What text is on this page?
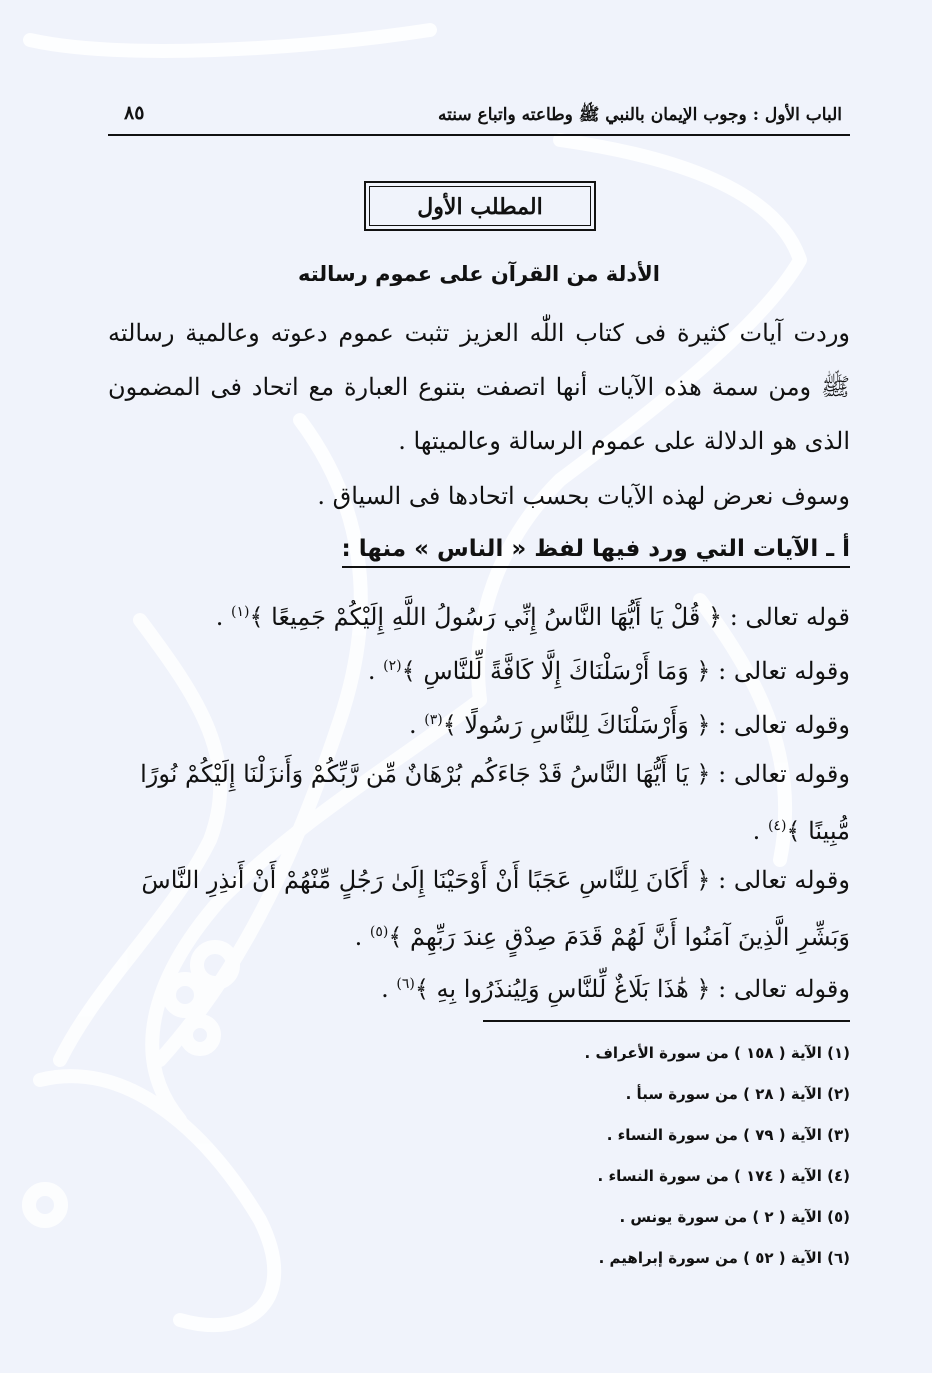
الباب الأول : وجوب الإيمان بالنبي ﷺ وطاعته واتباع سنته
٨٥
المطلب الأول
الأدلة من القرآن على عموم رسالته
وردت آيات كثيرة فى كتاب اللّٰه العزيز تثبت عموم دعوته وعالمية رسالته ﷺ ومن سمة هذه الآيات أنها اتصفت بتنوع العبارة مع اتحاد فى المضمون الذى هو الدلالة على عموم الرسالة وعالميتها .
وسوف نعرض لهذه الآيات بحسب اتحادها فى السياق .
أ ـ الآيات التي ورد فيها لفظ « الناس » منها :
قوله تعالى : ﴿ قُلْ يَا أَيُّهَا النَّاسُ إِنِّي رَسُولُ اللَّهِ إِلَيْكُمْ جَمِيعًا ﴾$^{(١)}$ .
وقوله تعالى : ﴿ وَمَا أَرْسَلْنَاكَ إِلَّا كَافَّةً لِّلنَّاسِ ﴾$^{(٢)}$ .
وقوله تعالى : ﴿ وَأَرْسَلْنَاكَ لِلنَّاسِ رَسُولًا ﴾$^{(٣)}$ .
وقوله تعالى : ﴿ يَا أَيُّهَا النَّاسُ قَدْ جَاءَكُم بُرْهَانٌ مِّن رَّبِّكُمْ وَأَنزَلْنَا إِلَيْكُمْ نُورًا
مُّبِينًا ﴾$^{(٤)}$ .
وقوله تعالى : ﴿ أَكَانَ لِلنَّاسِ عَجَبًا أَنْ أَوْحَيْنَا إِلَىٰ رَجُلٍ مِّنْهُمْ أَنْ أَنذِرِ النَّاسَ
وَبَشِّرِ الَّذِينَ آمَنُوا أَنَّ لَهُمْ قَدَمَ صِدْقٍ عِندَ رَبِّهِمْ ﴾$^{(٥)}$ .
وقوله تعالى : ﴿ هَٰذَا بَلَاغٌ لِّلنَّاسِ وَلِيُنذَرُوا بِهِ ﴾$^{(٦)}$ .
(١) الآية ( ١٥٨ ) من سورة الأعراف .
(٢) الآية ( ٢٨ ) من سورة سبأ .
(٣) الآية ( ٧٩ ) من سورة النساء .
(٤) الآية ( ١٧٤ ) من سورة النساء .
(٥) الآية ( ٢ ) من سورة يونس .
(٦) الآية ( ٥٢ ) من سورة إبراهيم .
